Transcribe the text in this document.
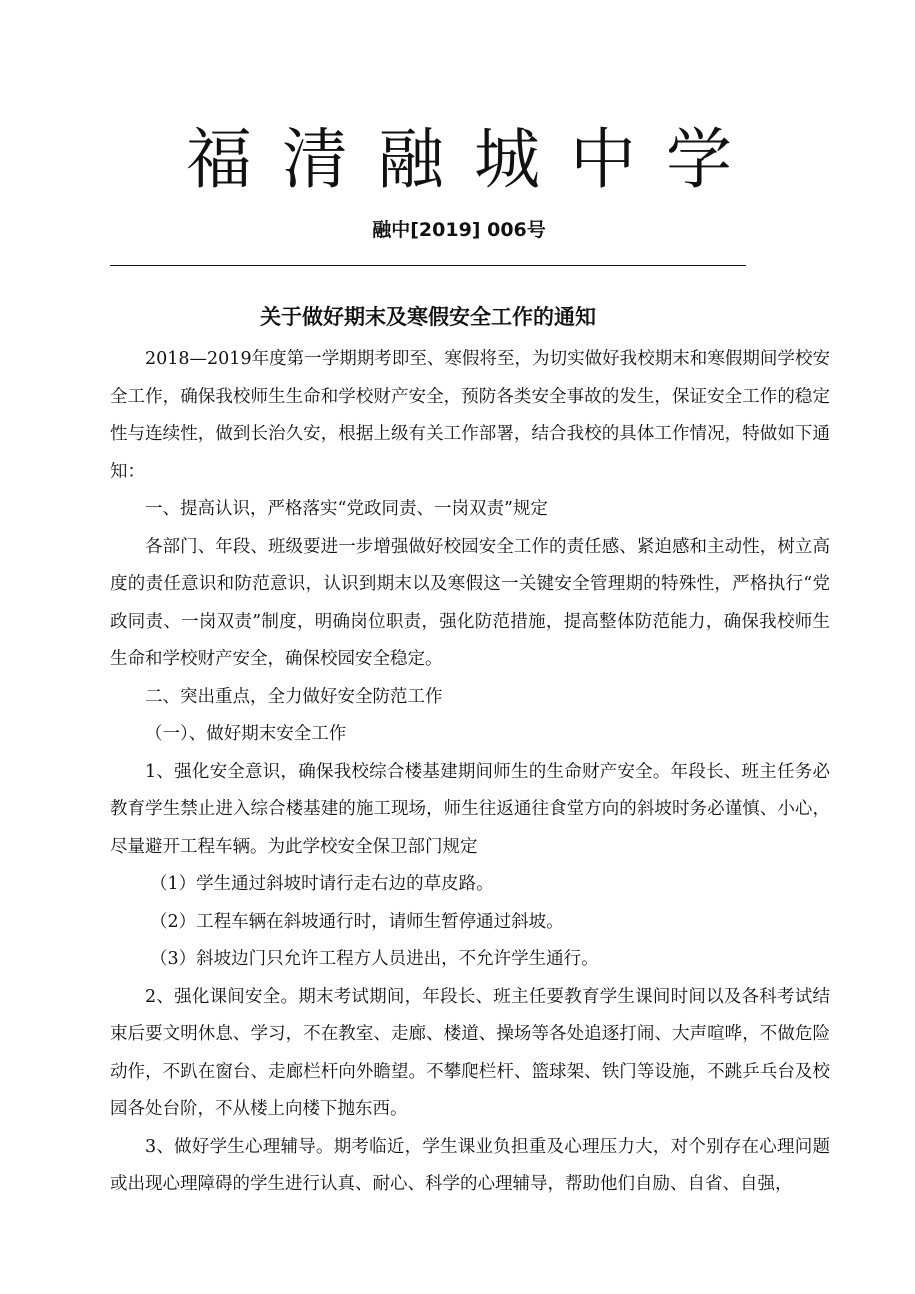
福清融城中学
融中[2019] 006号
关于做好期末及寒假安全工作的通知

2018—2019年度第一学期期考即至、寒假将至，为切实做好我校期末和寒假期间学校安全工作，确保我校师生生命和学校财产安全，预防各类安全事故的发生，保证安全工作的稳定性与连续性，做到长治久安，根据上级有关工作部署，结合我校的具体工作情况，特做如下通知：

一、提高认识，严格落实“党政同责、一岗双责”规定

各部门、年段、班级要进一步增强做好校园安全工作的责任感、紧迫感和主动性，树立高度的责任意识和防范意识，认识到期末以及寒假这一关键安全管理期的特殊性，严格执行“党政同责、一岗双责”制度，明确岗位职责，强化防范措施，提高整体防范能力，确保我校师生生命和学校财产安全，确保校园安全稳定。

二、突出重点，全力做好安全防范工作

（一）、做好期末安全工作

1、强化安全意识，确保我校综合楼基建期间师生的生命财产安全。年段长、班主任务必教育学生禁止进入综合楼基建的施工现场，师生往返通往食堂方向的斜坡时务必谨慎、小心，尽量避开工程车辆。为此学校安全保卫部门规定

（1）学生通过斜坡时请行走右边的草皮路。

（2）工程车辆在斜坡通行时，请师生暂停通过斜坡。

（3）斜坡边门只允许工程方人员进出，不允许学生通行。

2、强化课间安全。期末考试期间，年段长、班主任要教育学生课间时间以及各科考试结束后要文明休息、学习，不在教室、走廊、楼道、操场等各处追逐打闹、大声喧哗，不做危险动作，不趴在窗台、走廊栏杆向外瞻望。不攀爬栏杆、篮球架、铁门等设施，不跳乒乓台及校园各处台阶，不从楼上向楼下抛东西。

3、做好学生心理辅导。期考临近，学生课业负担重及心理压力大，对个别存在心理问题或出现心理障碍的学生进行认真、耐心、科学的心理辅导，帮助他们自励、自省、自强，
